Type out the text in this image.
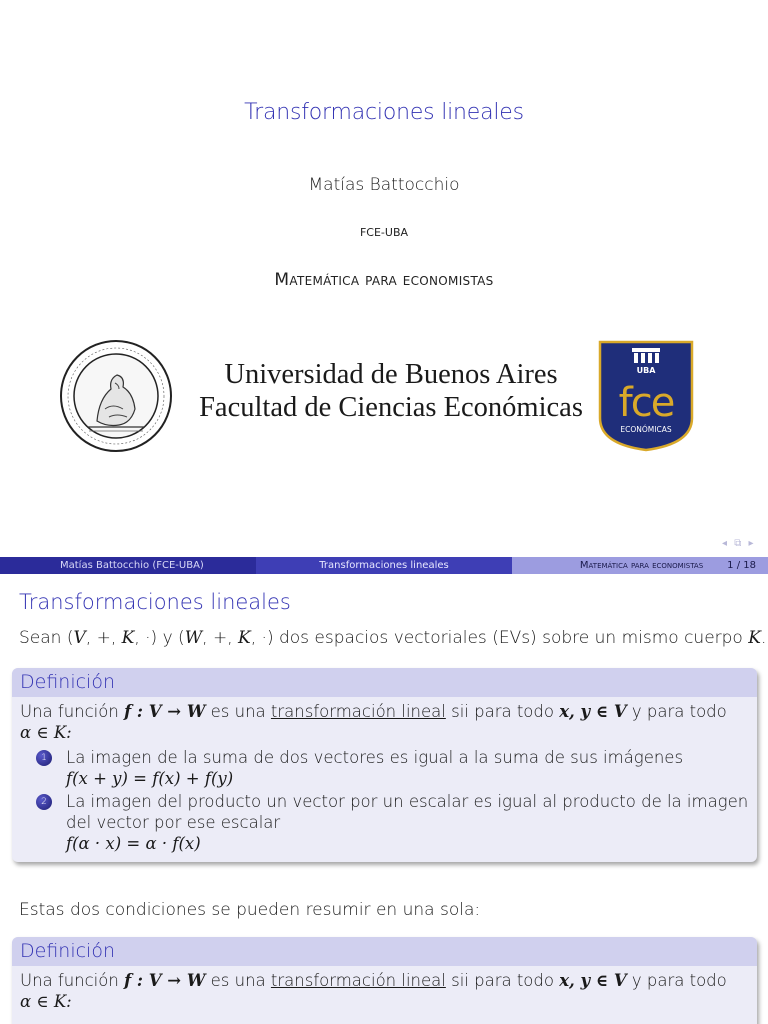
Transformaciones lineales
Matías Battocchio
FCE-UBA
Matemática para economistas
Universidad de Buenos Aires
Facultad de Ciencias Económicas
UBA
fce
ECONÓMICAS
◂ ⧉ ▸
Matías Battocchio (FCE-UBA)	Transformaciones lineales	Matemática para economistas 1 / 18
Transformaciones lineales
Sean (V, +, K, ·) y (W, +, K, ·) dos espacios vectoriales (EVs) sobre un mismo cuerpo K.
Definición
Una función f : V → W es una transformación lineal sii para todo x, y ∈ V y para todo
α ∈ K:
1	La imagen de la suma de dos vectores es igual a la suma de sus imágenes
f(x + y) = f(x) + f(y)
2	La imagen del producto un vector por un escalar es igual al producto de la imagen del vector por ese escalar
f(α · x) = α · f(x)
Estas dos condiciones se pueden resumir en una sola:
Definición
Una función f : V → W es una transformación lineal sii para todo x, y ∈ V y para todo
α ∈ K:
